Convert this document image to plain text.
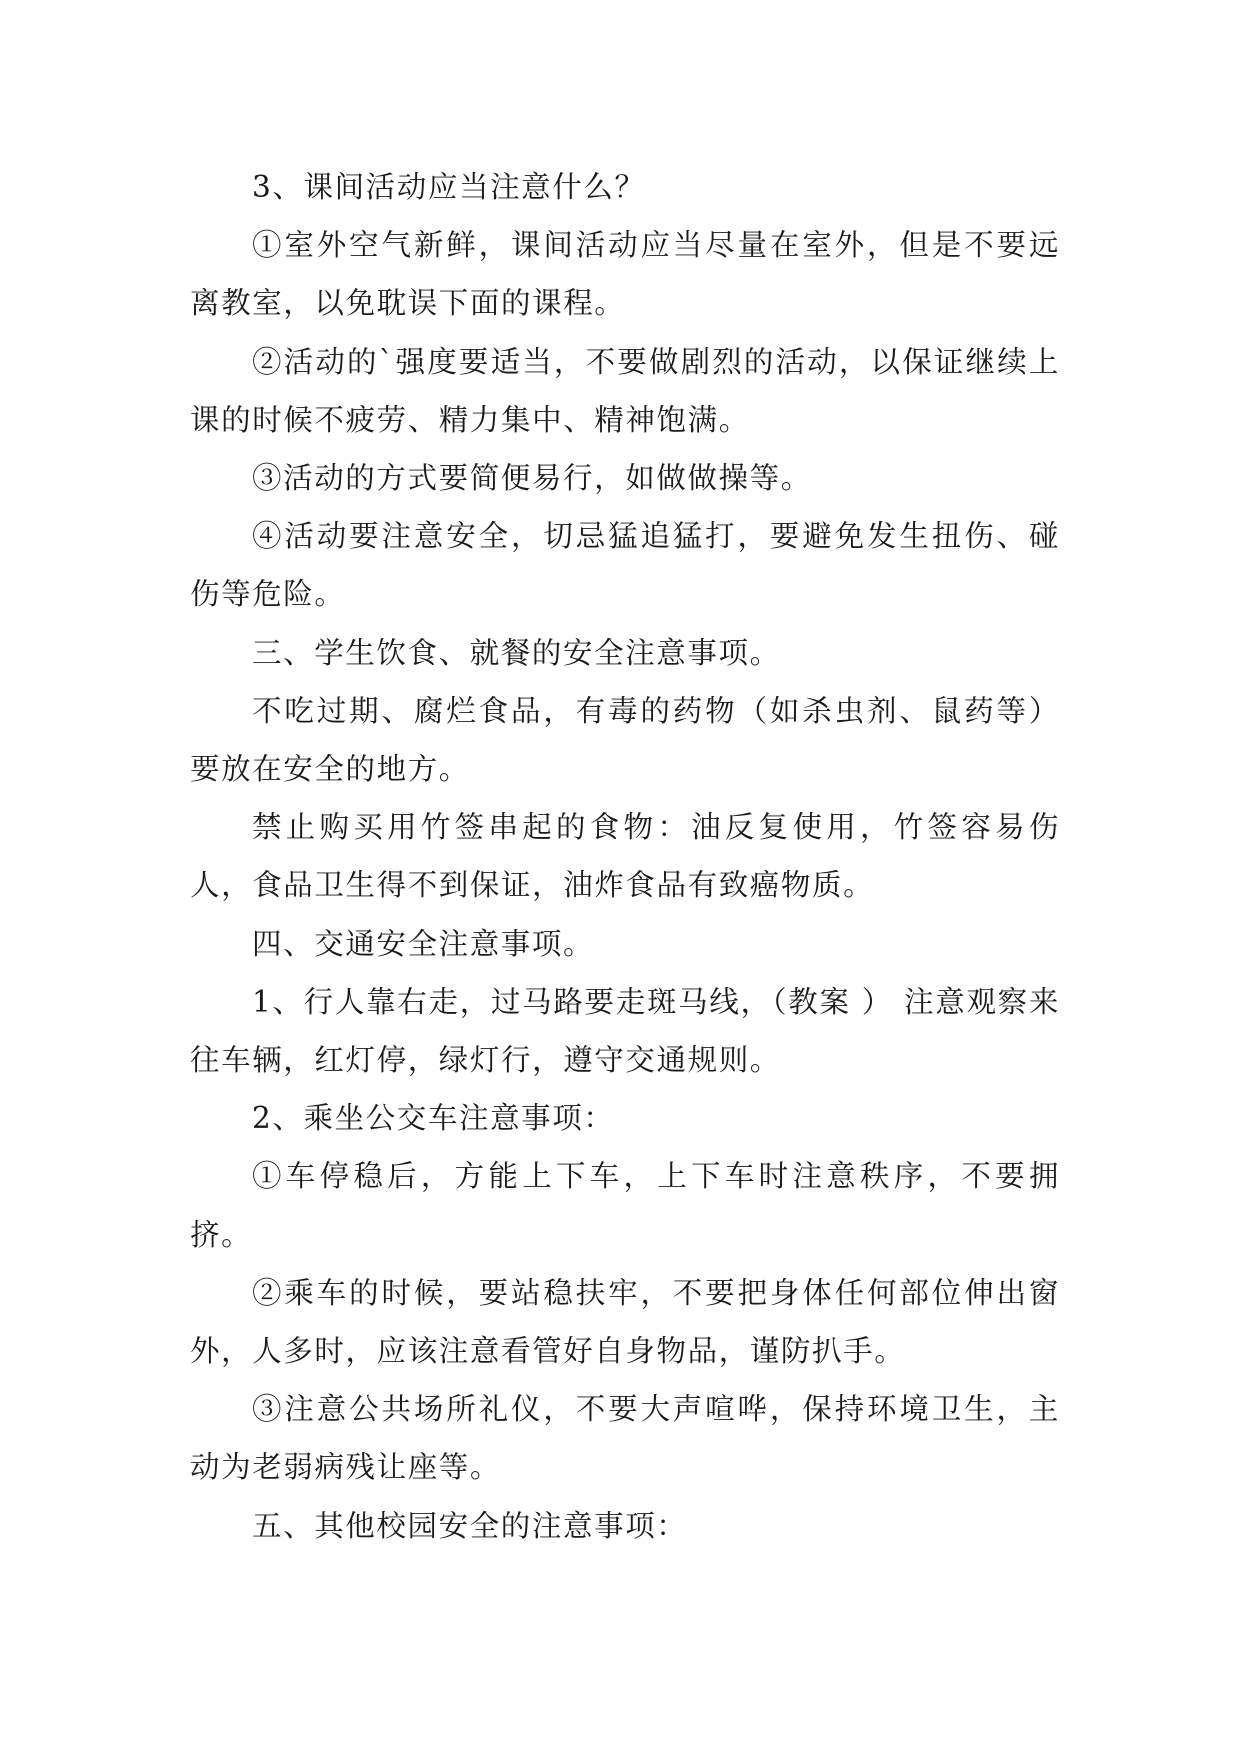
3、课间活动应当注意什么？

①室外空气新鲜，课间活动应当尽量在室外，但是不要远离教室，以免耽误下面的课程。

②活动的`强度要适当，不要做剧烈的活动，以保证继续上课的时候不疲劳、精力集中、精神饱满。

③活动的方式要简便易行，如做做操等。

④活动要注意安全，切忌猛追猛打，要避免发生扭伤、碰伤等危险。

三、学生饮食、就餐的安全注意事项。

不吃过期、腐烂食品，有毒的药物（如杀虫剂、鼠药等）要放在安全的地方。

禁止购买用竹签串起的食物：油反复使用，竹签容易伤人，食品卫生得不到保证，油炸食品有致癌物质。

四、交通安全注意事项。

1、行人靠右走，过马路要走斑马线，（教案 ） 注意观察来往车辆，红灯停，绿灯行，遵守交通规则。

2、乘坐公交车注意事项：

①车停稳后，方能上下车，上下车时注意秩序，不要拥挤。

②乘车的时候，要站稳扶牢，不要把身体任何部位伸出窗外，人多时，应该注意看管好自身物品，谨防扒手。

③注意公共场所礼仪，不要大声喧哗，保持环境卫生，主动为老弱病残让座等。

五、其他校园安全的注意事项：
